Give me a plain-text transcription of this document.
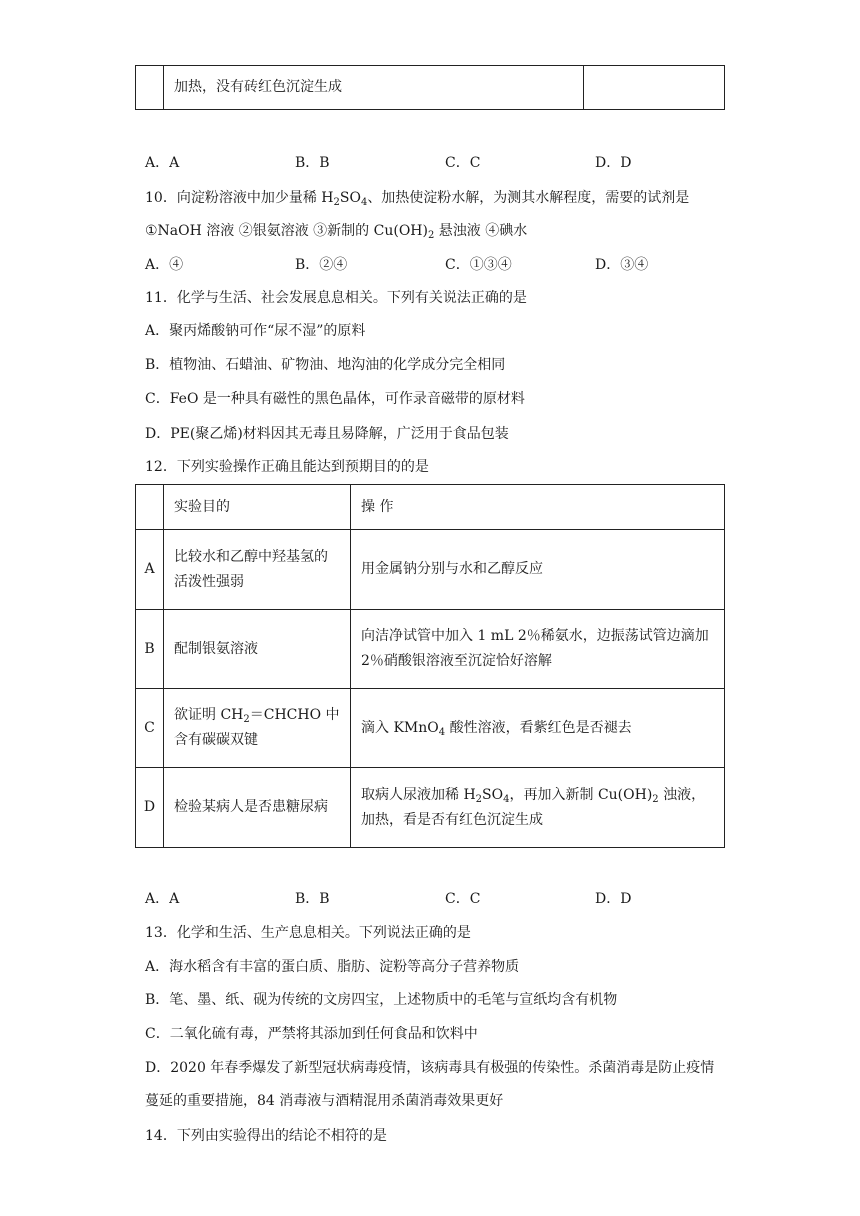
	加热，没有砖红色沉淀生成	
A．A	B．B	C．C	D．D
10．向淀粉溶液中加少量稀 $H_2SO_4$、加热使淀粉水解，为测其水解程度，需要的试剂是
①NaOH 溶液 ②银氨溶液 ③新制的 $Cu(OH)_2$ 悬浊液 ④碘水
A．④	B．②④	C．①③④	D．③④
11．化学与生活、社会发展息息相关。下列有关说法正确的是
A．聚丙烯酸钠可作“尿不湿”的原料
B．植物油、石蜡油、矿物油、地沟油的化学成分完全相同
C．FeO 是一种具有磁性的黑色晶体，可作录音磁带的原材料
D．PE(聚乙烯)材料因其无毒且易降解，广泛用于食品包装
12．下列实验操作正确且能达到预期目的的是
	实验目的	操 作
A	比较水和乙醇中羟基氢的活泼性强弱	用金属钠分别与水和乙醇反应
B	配制银氨溶液	向洁净试管中加入 1 mL 2％稀氨水，边振荡试管边滴加 2％硝酸银溶液至沉淀恰好溶解
C	欲证明 $CH_2=CHCHO$ 中含有碳碳双键	滴入 KMnO$_4$ 酸性溶液，看紫红色是否褪去
D	检验某病人是否患糖尿病	取病人尿液加稀 $H_2SO_4$，再加入新制 $Cu(OH)_2$ 浊液，加热，看是否有红色沉淀生成
A．A	B．B	C．C	D．D
13．化学和生活、生产息息相关。下列说法正确的是
A．海水稻含有丰富的蛋白质、脂肪、淀粉等高分子营养物质
B．笔、墨、纸、砚为传统的文房四宝，上述物质中的毛笔与宣纸均含有机物
C．二氧化硫有毒，严禁将其添加到任何食品和饮料中
D．2020 年春季爆发了新型冠状病毒疫情，该病毒具有极强的传染性。杀菌消毒是防止疫情蔓延的重要措施，84 消毒液与酒精混用杀菌消毒效果更好
14．下列由实验得出的结论不相符的是
